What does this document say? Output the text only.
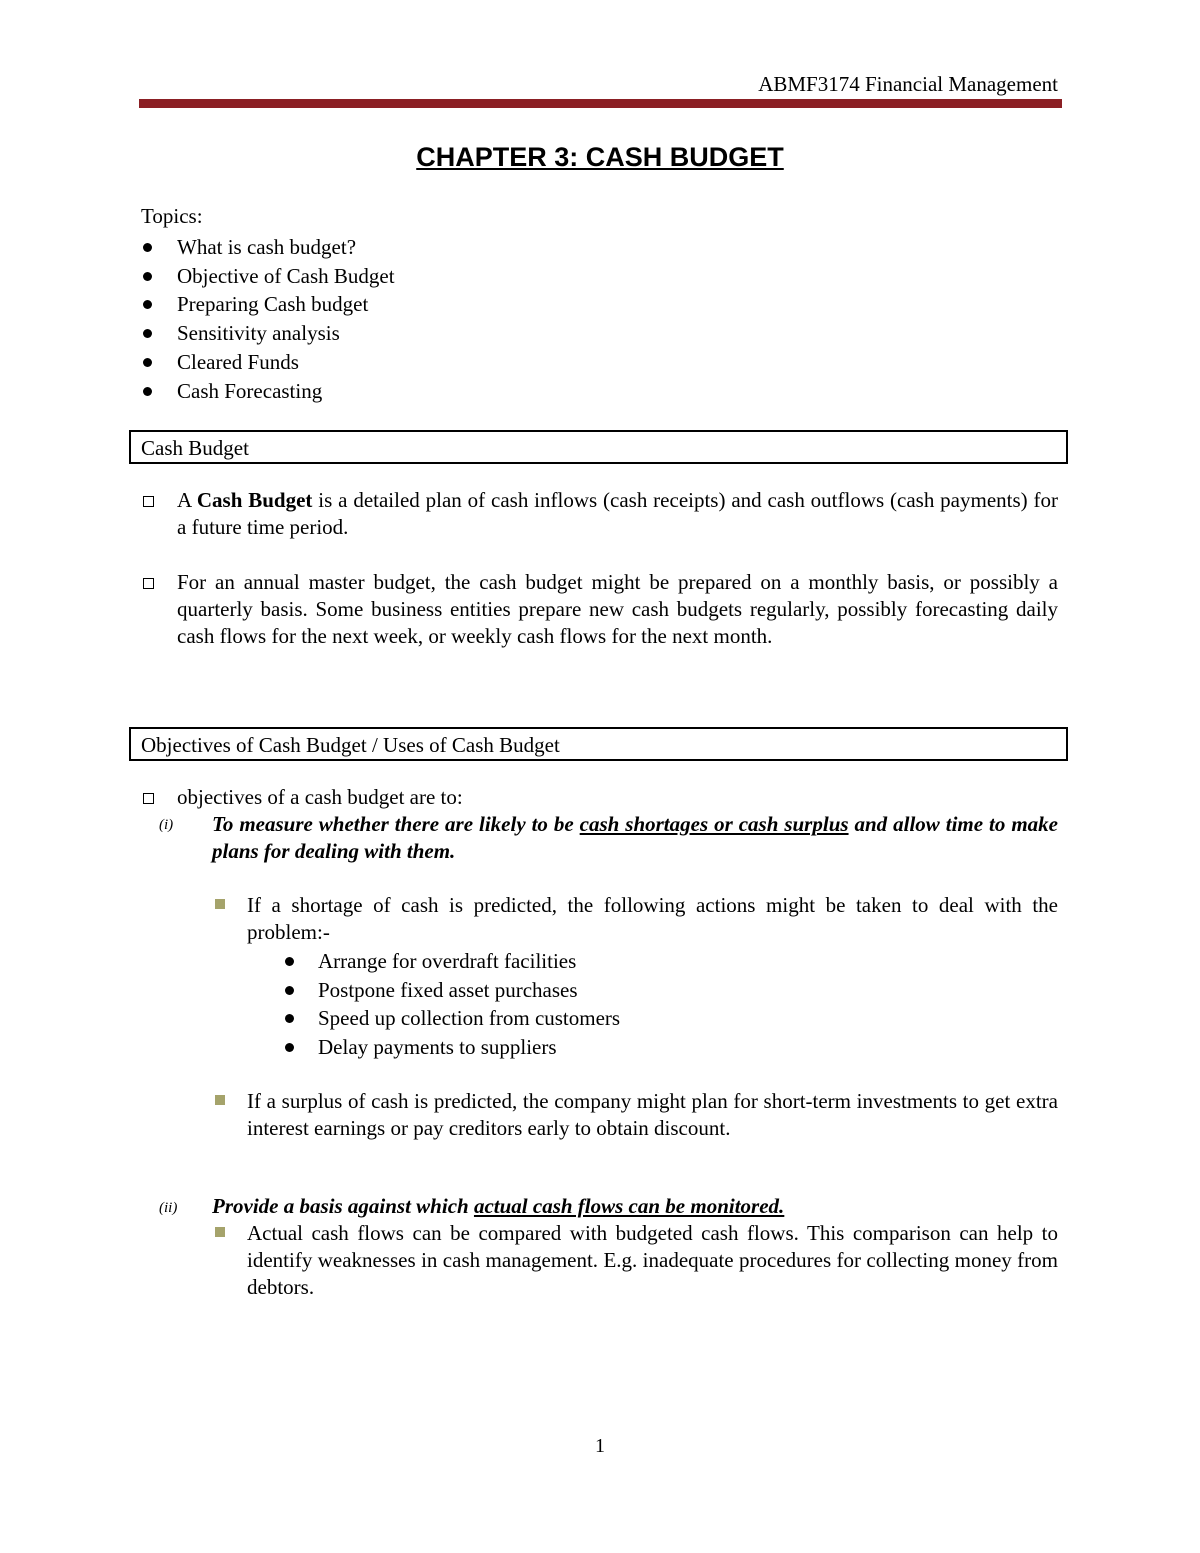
ABMF3174 Financial Management
CHAPTER 3: CASH BUDGET
Topics:
What is cash budget?
Objective of Cash Budget
Preparing Cash budget
Sensitivity analysis
Cleared Funds
Cash Forecasting
Cash Budget
A Cash Budget is a detailed plan of cash inflows (cash receipts) and cash outflows (cash payments) for a future time period.
For an annual master budget, the cash budget might be prepared on a monthly basis, or possibly a quarterly basis. Some business entities prepare new cash budgets regularly, possibly forecasting daily cash flows for the next week, or weekly cash flows for the next month.
Objectives of Cash Budget / Uses of Cash Budget
objectives of a cash budget are to:
(i) To measure whether there are likely to be cash shortages or cash surplus and allow time to make plans for dealing with them.
If a shortage of cash is predicted, the following actions might be taken to deal with the problem:-
Arrange for overdraft facilities
Postpone fixed asset purchases
Speed up collection from customers
Delay payments to suppliers
If a surplus of cash is predicted, the company might plan for short-term investments to get extra interest earnings or pay creditors early to obtain discount.
(ii) Provide a basis against which actual cash flows can be monitored.
Actual cash flows can be compared with budgeted cash flows. This comparison can help to identify weaknesses in cash management. E.g. inadequate procedures for collecting money from debtors.
1
